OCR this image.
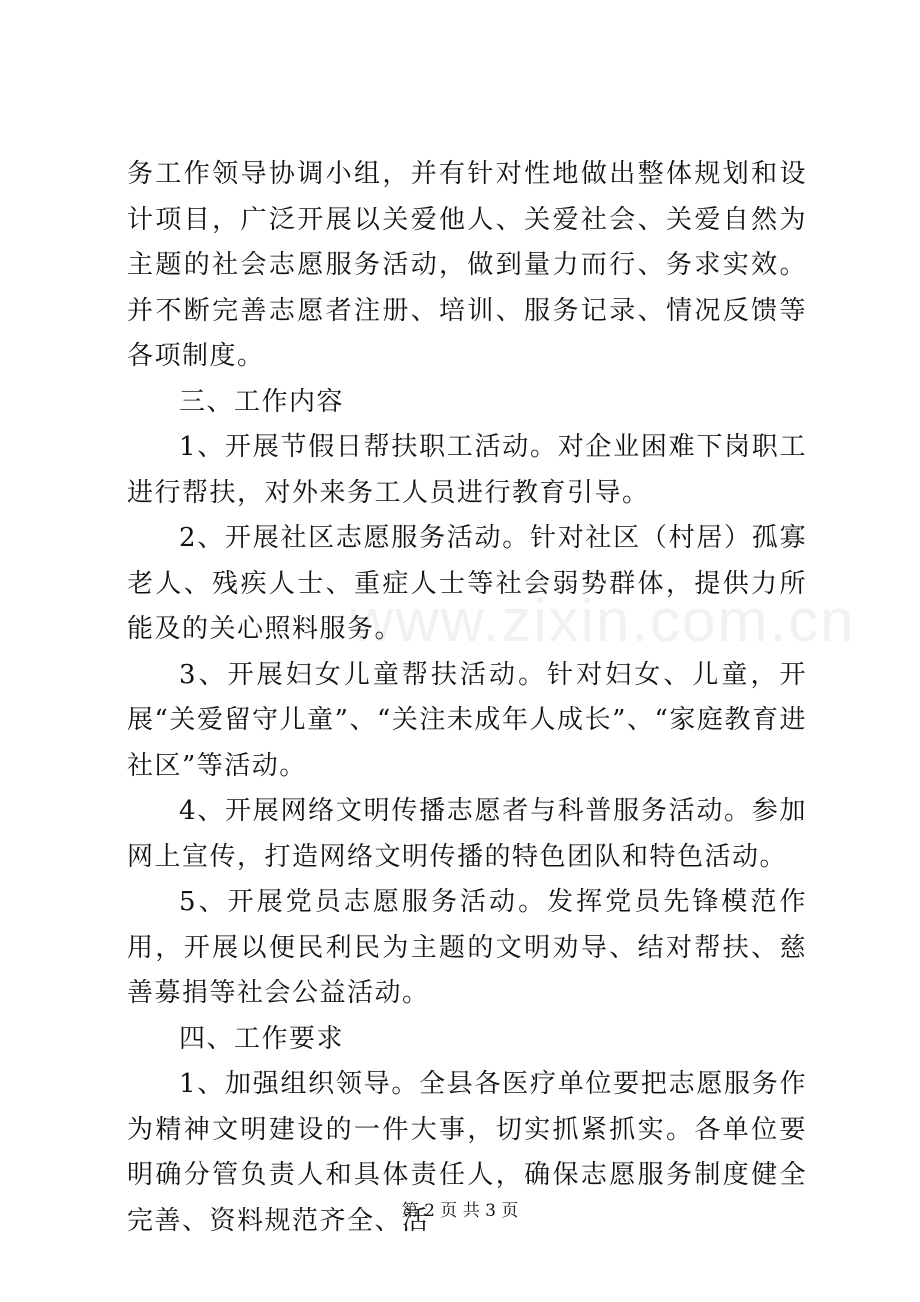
www.zixin.com.cn

务工作领导协调小组，并有针对性地做出整体规划和设计项目，广泛开展以关爱他人、关爱社会、关爱自然为主题的社会志愿服务活动，做到量力而行、务求实效。并不断完善志愿者注册、培训、服务记录、情况反馈等各项制度。

三、工作内容

1、开展节假日帮扶职工活动。对企业困难下岗职工进行帮扶，对外来务工人员进行教育引导。

2、开展社区志愿服务活动。针对社区（村居）孤寡老人、残疾人士、重症人士等社会弱势群体，提供力所能及的关心照料服务。

3、开展妇女儿童帮扶活动。针对妇女、儿童，开展“关爱留守儿童”、“关注未成年人成长”、“家庭教育进社区”等活动。

4、开展网络文明传播志愿者与科普服务活动。参加网上宣传，打造网络文明传播的特色团队和特色活动。

5、开展党员志愿服务活动。发挥党员先锋模范作用，开展以便民利民为主题的文明劝导、结对帮扶、慈善募捐等社会公益活动。

四、工作要求

1、加强组织领导。全县各医疗单位要把志愿服务作为精神文明建设的一件大事，切实抓紧抓实。各单位要明确分管负责人和具体责任人，确保志愿服务制度健全完善、资料规范齐全、活

第 2 页 共 3 页
